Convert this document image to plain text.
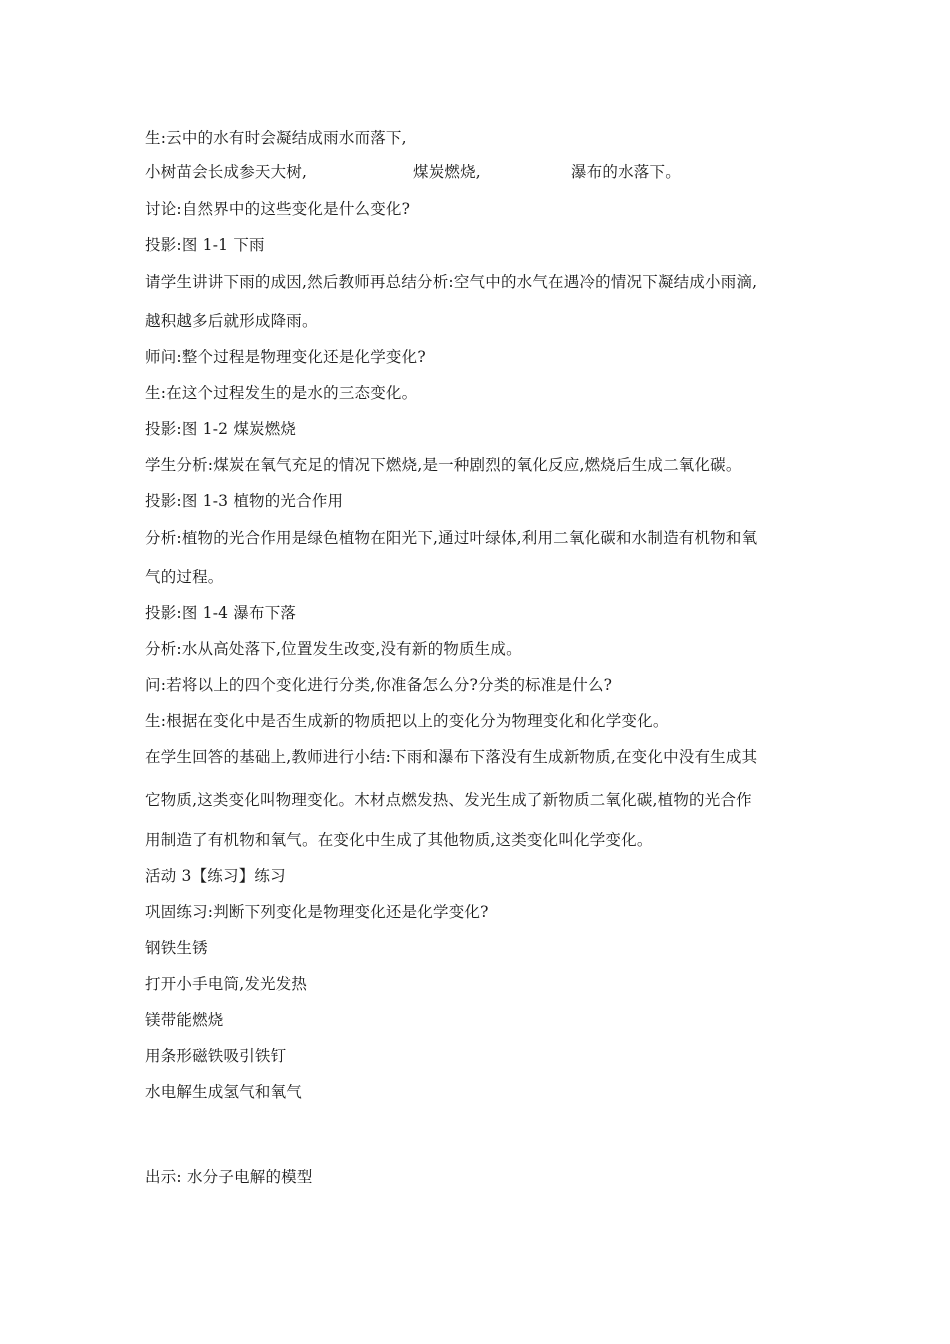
生:云中的水有时会凝结成雨水而落下,
小树苗会长成参天大树,	煤炭燃烧,	瀑布的水落下。
讨论:自然界中的这些变化是什么变化?
投影:图 1-1 下雨
请学生讲讲下雨的成因,然后教师再总结分析:空气中的水气在遇冷的情况下凝结成小雨滴,
越积越多后就形成降雨。
师问:整个过程是物理变化还是化学变化?
生:在这个过程发生的是水的三态变化。
投影:图 1-2 煤炭燃烧
学生分析:煤炭在氧气充足的情况下燃烧,是一种剧烈的氧化反应,燃烧后生成二氧化碳。
投影:图 1-3 植物的光合作用
分析:植物的光合作用是绿色植物在阳光下,通过叶绿体,利用二氧化碳和水制造有机物和氧
气的过程。
投影:图 1-4 瀑布下落
分析:水从高处落下,位置发生改变,没有新的物质生成。
问:若将以上的四个变化进行分类,你准备怎么分?分类的标准是什么?
生:根据在变化中是否生成新的物质把以上的变化分为物理变化和化学变化。
在学生回答的基础上,教师进行小结:下雨和瀑布下落没有生成新物质,在变化中没有生成其
它物质,这类变化叫物理变化。木材点燃发热、发光生成了新物质二氧化碳,植物的光合作
用制造了有机物和氧气。在变化中生成了其他物质,这类变化叫化学变化。
活动 3【练习】练习
巩固练习:判断下列变化是物理变化还是化学变化?
钢铁生锈
打开小手电筒,发光发热
镁带能燃烧
用条形磁铁吸引铁钉
水电解生成氢气和氧气
出示: 水分子电解的模型
